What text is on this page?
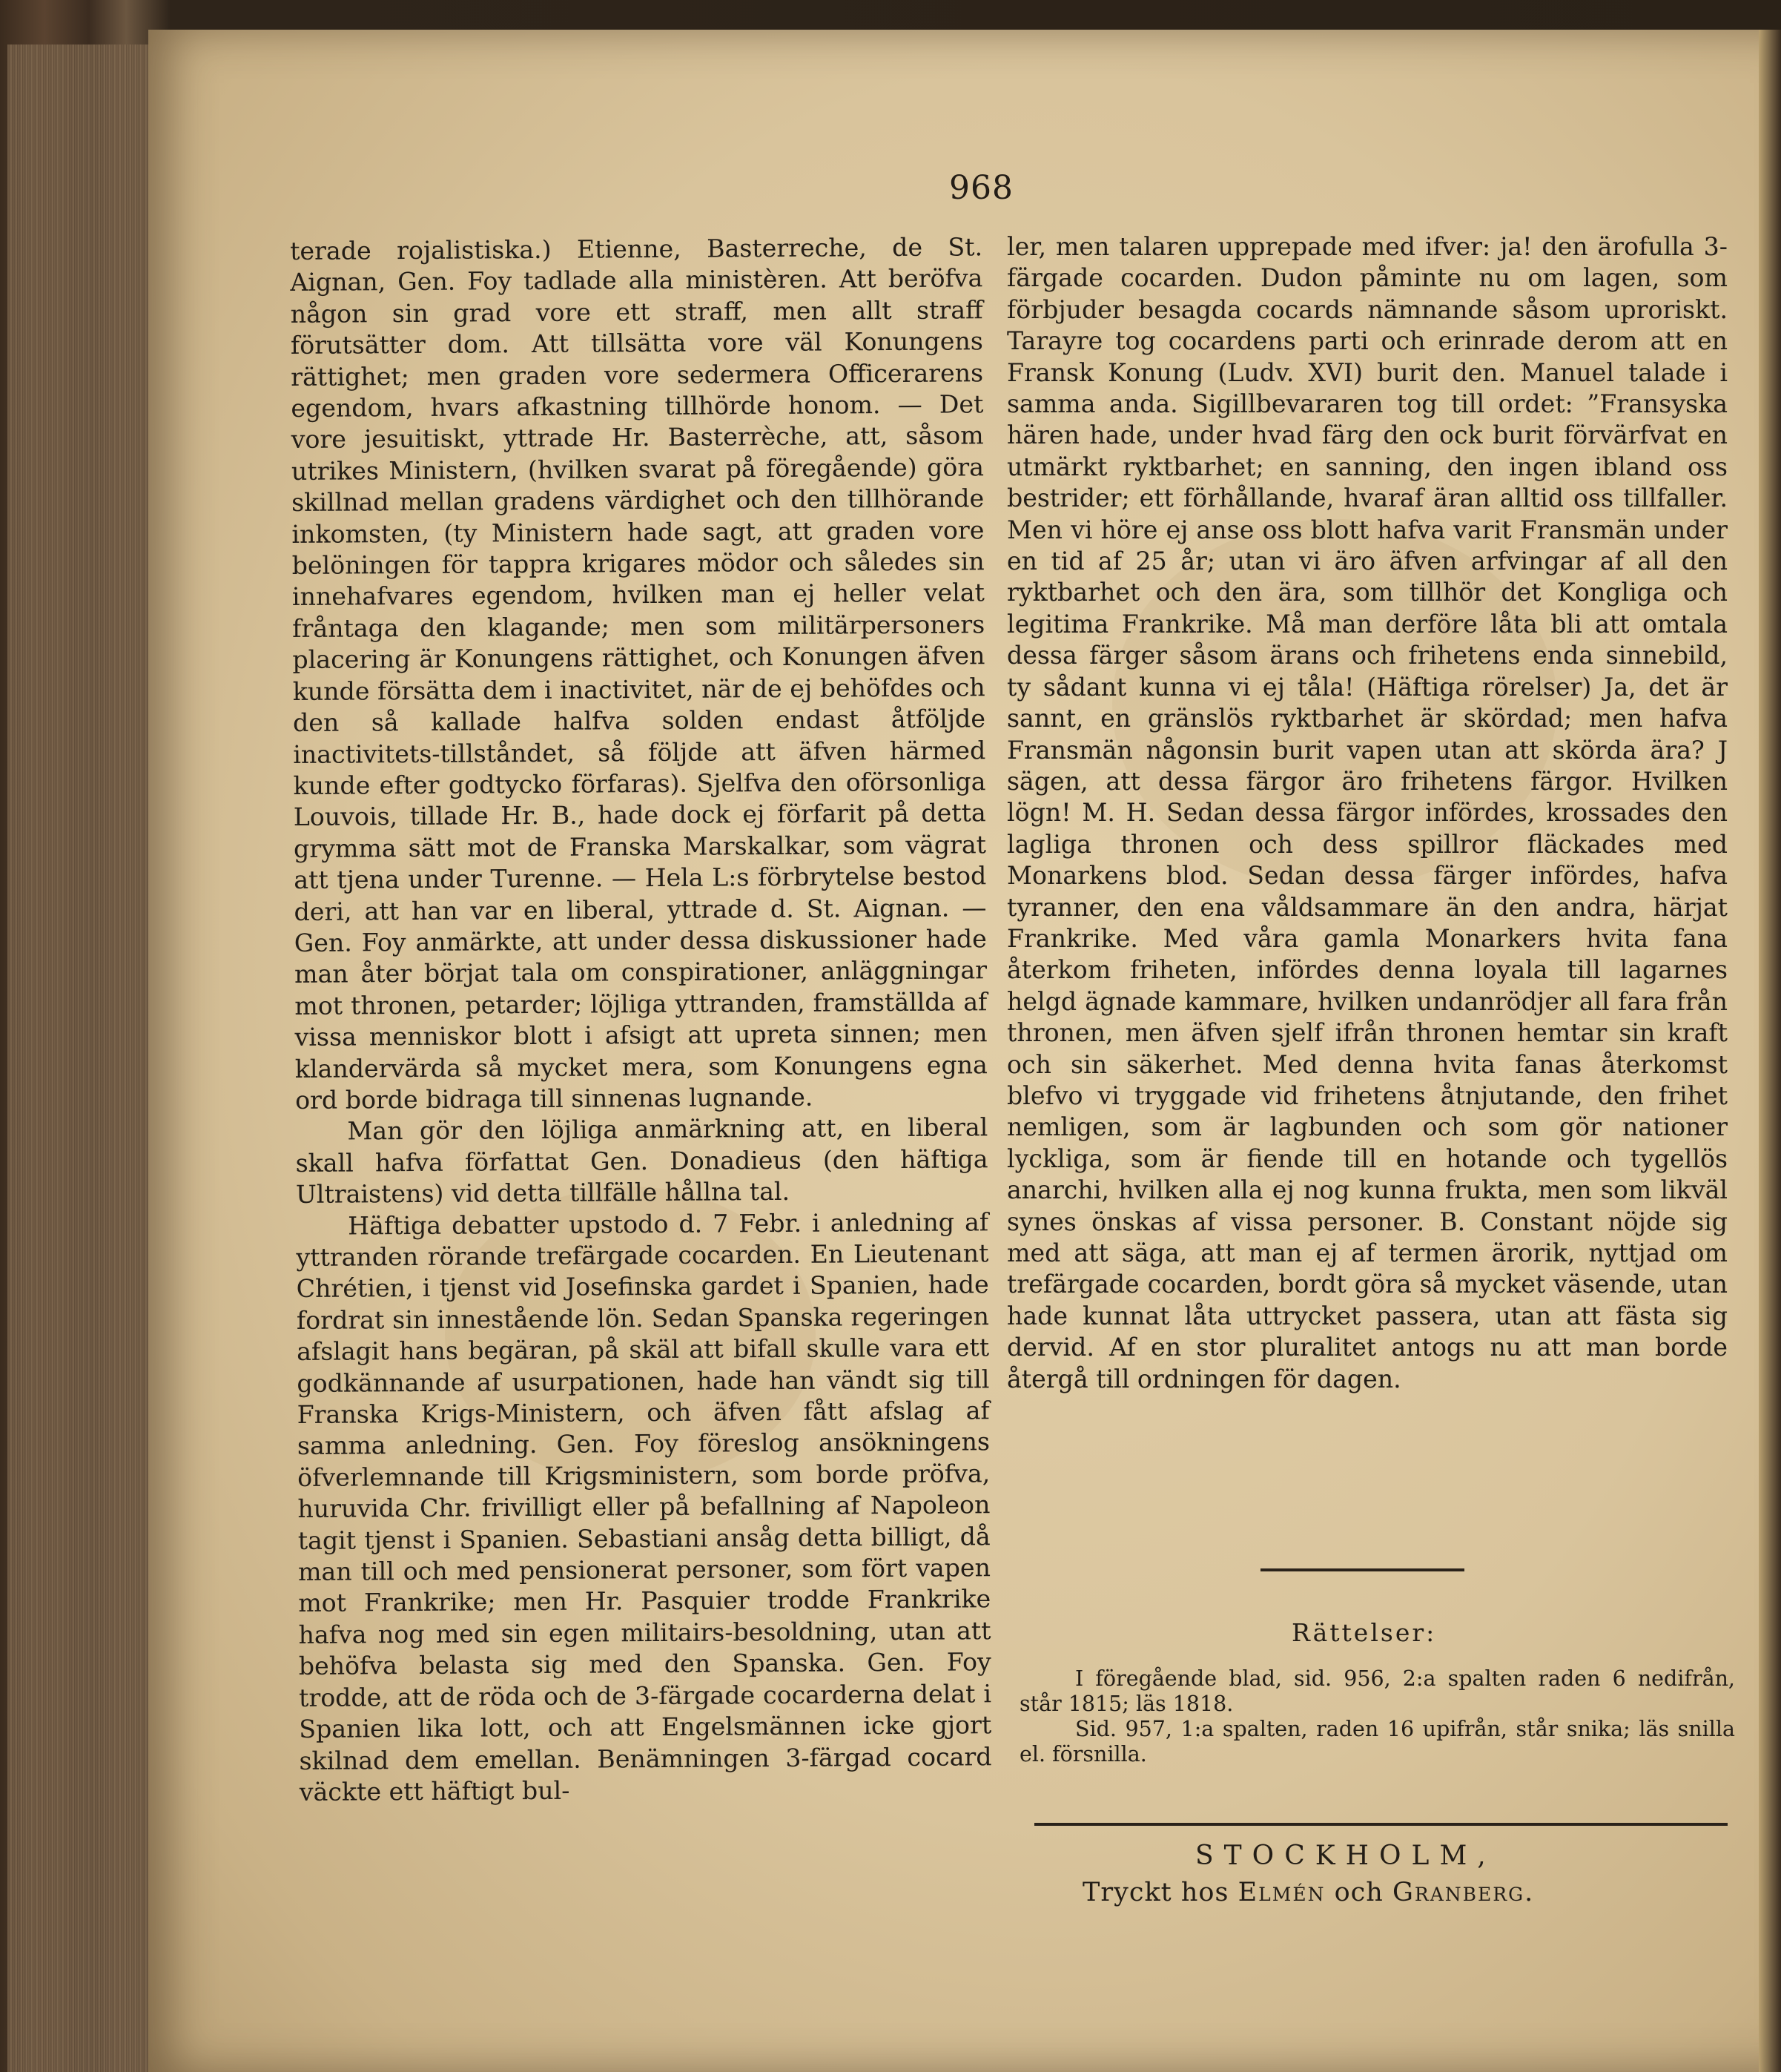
968

terade rojalistiska.) Etienne, Basterreche, de St. Aignan, Gen. Foy tadlade alla ministèren. Att beröfva någon sin grad vore ett straff, men allt straff förutsätter dom. Att tillsätta vore väl Konungens rättighet; men graden vore sedermera Officerarens egendom, hvars afkastning tillhörde honom. — Det vore jesuitiskt, yttrade Hr. Basterrèche, att, såsom utrikes Ministern, (hvilken svarat på föregående) göra skillnad mellan gradens värdighet och den tillhörande inkomsten, (ty Ministern hade sagt, att graden vore belöningen för tappra krigares mödor och således sin innehafvares egendom, hvilken man ej heller velat fråntaga den klagande; men som militärpersoners placering är Konungens rättighet, och Konungen äfven kunde försätta dem i inactivitet, när de ej behöfdes och den så kallade halfva solden endast åtföljde inactivitets-tillståndet, så följde att äfven härmed kunde efter godtycko förfaras). Sjelfva den oförsonliga Louvois, tillade Hr. B., hade dock ej förfarit på detta grymma sätt mot de Franska Marskalkar, som vägrat att tjena under Turenne. — Hela L:s förbrytelse bestod deri, att han var en liberal, yttrade d. St. Aignan. — Gen. Foy anmärkte, att under dessa diskussioner hade man åter börjat tala om conspirationer, anläggningar mot thronen, petarder; löjliga yttranden, framställda af vissa menniskor blott i afsigt att upreta sinnen; men klandervärda så mycket mera, som Konungens egna ord borde bidraga till sinnenas lugnande.

Man gör den löjliga anmärkning att, en liberal skall hafva författat Gen. Donadieus (den häftiga Ultraistens) vid detta tillfälle hållna tal.

Häftiga debatter upstodo d. 7 Febr. i anledning af yttranden rörande trefärgade cocarden. En Lieutenant Chrétien, i tjenst vid Josefinska gardet i Spanien, hade fordrat sin innestående lön. Sedan Spanska regeringen afslagit hans begäran, på skäl att bifall skulle vara ett godkännande af usurpationen, hade han vändt sig till Franska Krigs-Ministern, och äfven fått afslag af samma anledning. Gen. Foy föreslog ansökningens öfverlemnande till Krigsministern, som borde pröfva, huruvida Chr. frivilligt eller på befallning af Napoleon tagit tjenst i Spanien. Sebastiani ansåg detta billigt, då man till och med pensionerat personer, som fört vapen mot Frankrike; men Hr. Pasquier trodde Frankrike hafva nog med sin egen militairs-besoldning, utan att behöfva belasta sig med den Spanska. Gen. Foy trodde, att de röda och de 3-färgade cocarderna delat i Spanien lika lott, och att Engelsmännen icke gjort skilnad dem emellan. Benämningen 3-färgad cocard väckte ett häftigt bul-

ler, men talaren upprepade med ifver: ja! den ärofulla 3-färgade cocarden. Dudon påminte nu om lagen, som förbjuder besagda cocards nämnande såsom uproriskt. Tarayre tog cocardens parti och erinrade derom att en Fransk Konung (Ludv. XVI) burit den. Manuel talade i samma anda. Sigillbevararen tog till ordet: ”Fransyska hären hade, under hvad färg den ock burit förvärfvat en utmärkt ryktbarhet; en sanning, den ingen ibland oss bestrider; ett förhållande, hvaraf äran alltid oss tillfaller. Men vi höre ej anse oss blott hafva varit Fransmän under en tid af 25 år; utan vi äro äfven arfvingar af all den ryktbarhet och den ära, som tillhör det Kongliga och legitima Frankrike. Må man derföre låta bli att omtala dessa färger såsom ärans och frihetens enda sinnebild, ty sådant kunna vi ej tåla! (Häftiga rörelser) Ja, det är sannt, en gränslös ryktbarhet är skördad; men hafva Fransmän någonsin burit vapen utan att skörda ära? J sägen, att dessa färgor äro frihetens färgor. Hvilken lögn! M. H. Sedan dessa färgor infördes, krossades den lagliga thronen och dess spillror fläckades med Monarkens blod. Sedan dessa färger infördes, hafva tyranner, den ena våldsammare än den andra, härjat Frankrike. Med våra gamla Monarkers hvita fana återkom friheten, infördes denna loyala till lagarnes helgd ägnade kammare, hvilken undanrödjer all fara från thronen, men äfven sjelf ifrån thronen hemtar sin kraft och sin säkerhet. Med denna hvita fanas återkomst blefvo vi tryggade vid frihetens åtnjutande, den frihet nemligen, som är lagbunden och som gör nationer lyckliga, som är fiende till en hotande och tygellös anarchi, hvilken alla ej nog kunna frukta, men som likväl synes önskas af vissa personer. B. Constant nöjde sig med att säga, att man ej af termen ärorik, nyttjad om trefärgade cocarden, bordt göra så mycket väsende, utan hade kunnat låta uttrycket passera, utan att fästa sig dervid. Af en stor pluralitet antogs nu att man borde återgå till ordningen för dagen.

Rättelser:

I föregående blad, sid. 956, 2:a spalten raden 6 nedifrån, står 1815; läs 1818.

Sid. 957, 1:a spalten, raden 16 upifrån, står snika; läs snilla el. försnilla.

STOCKHOLM,
Tryckt hos Elmén och Granberg.
